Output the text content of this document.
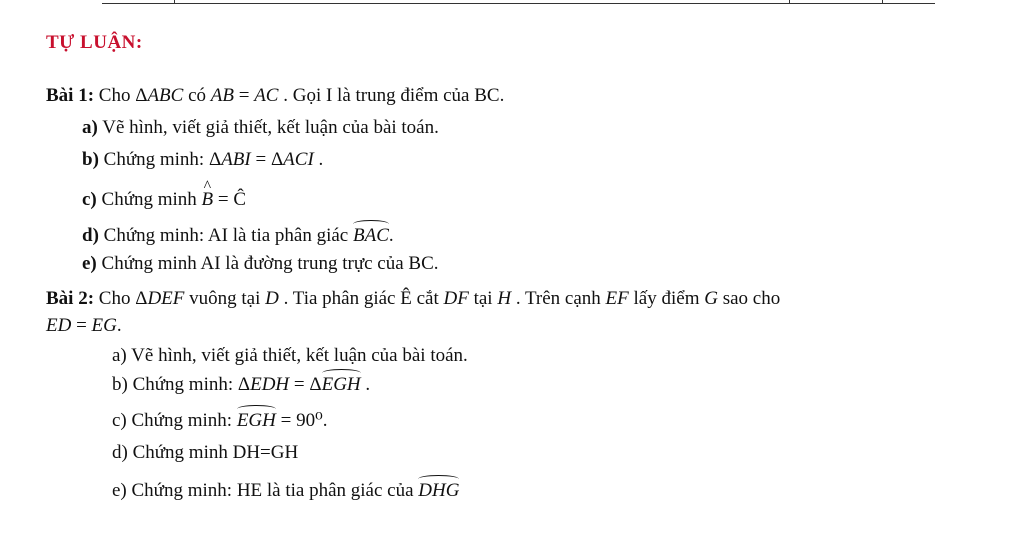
TỰ LUẬN:
Bài 1: Cho ΔABC có AB = AC . Gọi I là trung điểm của BC.
a) Vẽ hình, viết giả thiết, kết luận của bài toán.
b) Chứng minh: ΔABI = ΔACI .
c) Chứng minh ^ B = Ĉ
d) Chứng minh: AI là tia phân giác BAC.
e) Chứng minh AI là đường trung trực của BC.
Bài 2: Cho ΔDEF vuông tại D . Tia phân giác Ê cắt DF tại H . Trên cạnh EF lấy điểm G sao cho
ED = EG.
a) Vẽ hình, viết giả thiết, kết luận của bài toán.
b) Chứng minh: ΔEDH = ΔEGH .
c) Chứng minh: EGH = 90⁰.
d) Chứng minh DH=GH
e) Chứng minh: HE là tia phân giác của DHG
